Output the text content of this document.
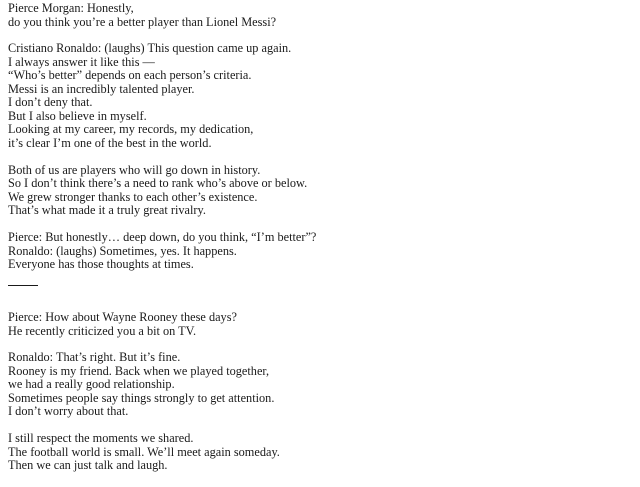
Pierce Morgan: Honestly,
do you think you’re a better player than Lionel Messi?

Cristiano Ronaldo: (laughs) This question came up again.
I always answer it like this —
“Who’s better” depends on each person’s criteria.
Messi is an incredibly talented player.
I don’t deny that.
But I also believe in myself.
Looking at my career, my records, my dedication,
it’s clear I’m one of the best in the world.

Both of us are players who will go down in history.
So I don’t think there’s a need to rank who’s above or below.
We grew stronger thanks to each other’s existence.
That’s what made it a truly great rivalry.

Pierce: But honestly… deep down, do you think, “I’m better”?
Ronaldo: (laughs) Sometimes, yes. It happens.
Everyone has those thoughts at times.

Pierce: How about Wayne Rooney these days?
He recently criticized you a bit on TV.

Ronaldo: That’s right. But it’s fine.
Rooney is my friend. Back when we played together,
we had a really good relationship.
Sometimes people say things strongly to get attention.
I don’t worry about that.

I still respect the moments we shared.
The football world is small. We’ll meet again someday.
Then we can just talk and laugh.
